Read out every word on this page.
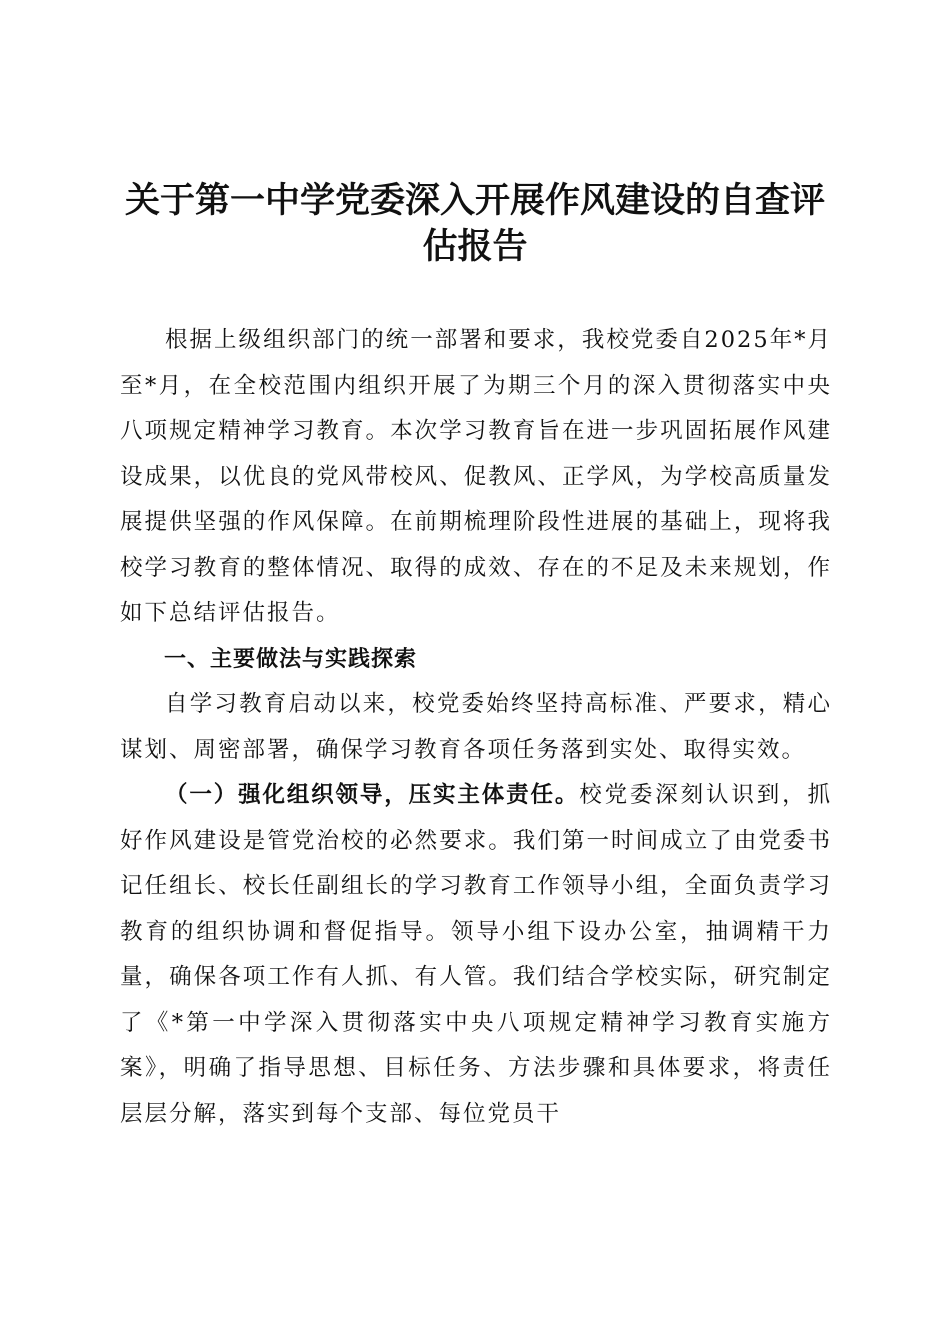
关于第一中学党委深入开展作风建设的自查评
估报告

根据上级组织部门的统一部署和要求，我校党委自2025年*月至*月，在全校范围内组织开展了为期三个月的深入贯彻落实中央八项规定精神学习教育。本次学习教育旨在进一步巩固拓展作风建设成果，以优良的党风带校风、促教风、正学风，为学校高质量发展提供坚强的作风保障。在前期梳理阶段性进展的基础上，现将我校学习教育的整体情况、取得的成效、存在的不足及未来规划，作如下总结评估报告。

一、主要做法与实践探索

自学习教育启动以来，校党委始终坚持高标准、严要求，精心谋划、周密部署，确保学习教育各项任务落到实处、取得实效。

（一）强化组织领导，压实主体责任。校党委深刻认识到，抓好作风建设是管党治校的必然要求。我们第一时间成立了由党委书记任组长、校长任副组长的学习教育工作领导小组，全面负责学习教育的组织协调和督促指导。领导小组下设办公室，抽调精干力量，确保各项工作有人抓、有人管。我们结合学校实际，研究制定了《*第一中学深入贯彻落实中央八项规定精神学习教育实施方案》，明确了指导思想、目标任务、方法步骤和具体要求，将责任层层分解，落实到每个支部、每位党员干
